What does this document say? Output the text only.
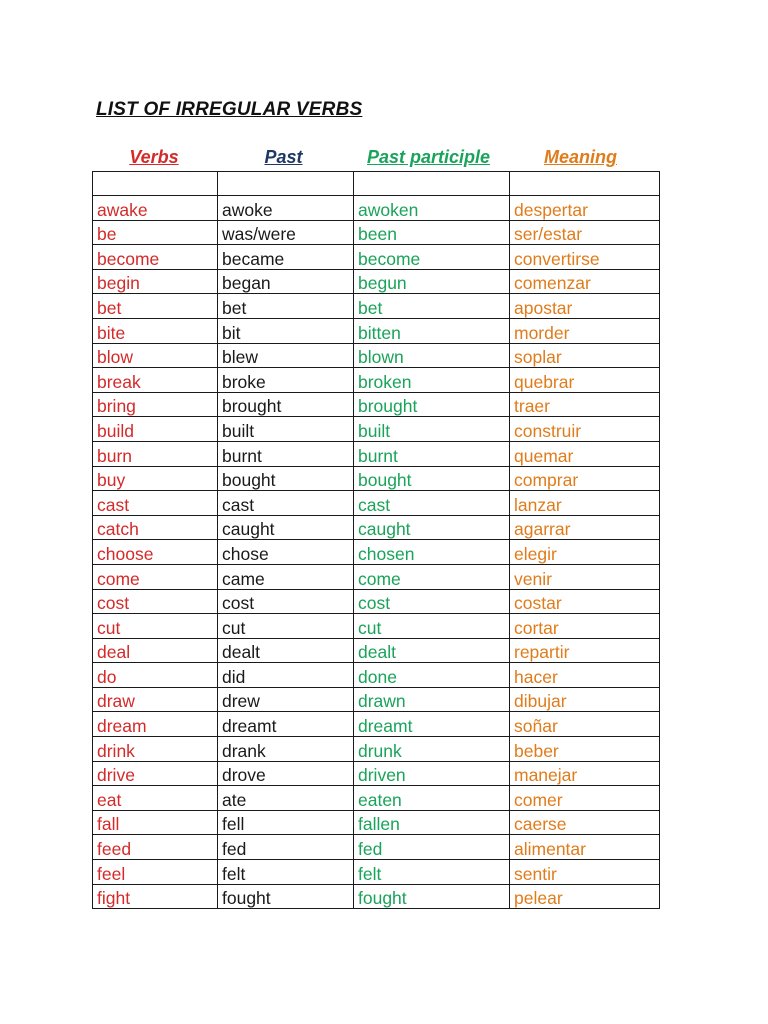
LIST OF IRREGULAR VERBS
Verbs	Past	Past participle	Meaning

awake	awoke	awoken	despertar
be	was/were	been	ser/estar
become	became	become	convertirse
begin	began	begun	comenzar
bet	bet	bet	apostar
bite	bit	bitten	morder
blow	blew	blown	soplar
break	broke	broken	quebrar
bring	brought	brought	traer
build	built	built	construir
burn	burnt	burnt	quemar
buy	bought	bought	comprar
cast	cast	cast	lanzar
catch	caught	caught	agarrar
choose	chose	chosen	elegir
come	came	come	venir
cost	cost	cost	costar
cut	cut	cut	cortar
deal	dealt	dealt	repartir
do	did	done	hacer
draw	drew	drawn	dibujar
dream	dreamt	dreamt	soñar
drink	drank	drunk	beber
drive	drove	driven	manejar
eat	ate	eaten	comer
fall	fell	fallen	caerse
feed	fed	fed	alimentar
feel	felt	felt	sentir
fight	fought	fought	pelear
